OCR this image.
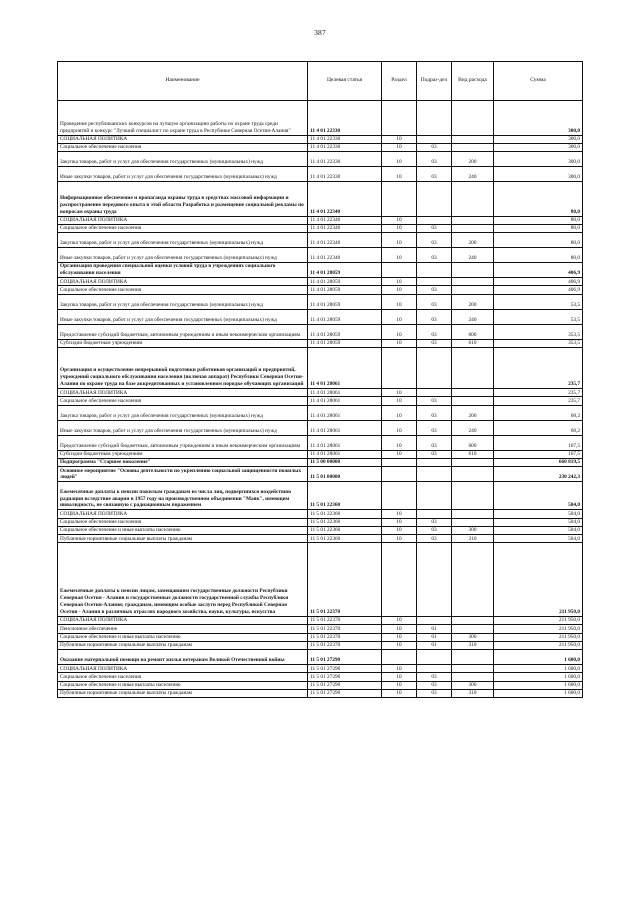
387
Наименование	Целевая статья	Раздел	Подраз-дел	Вид расхода	Сумма
Проведение республиканских конкурсов на лучшую организацию работы по охране труда среди предприятий и конкурс "Лучший специалист по охране труда в Республике Северная Осетия-Алания"	11 4 01 22330				300,0
СОЦИАЛЬНАЯ ПОЛИТИКА	11 4 01 22330	10			300,0
Социальное обеспечение населения	11 4 01 22330	10	03		300,0
Закупка товаров, работ и услуг для обеспечения государственных (муниципальных) нужд	11 4 01 22330	10	03	200	300,0
Иные закупки товаров, работ и услуг для обеспечения государственных (муниципальных) нужд	11 4 01 22330	10	03	240	300,0
Информационное обеспечение и пропаганда охраны труда в средствах массовой информации и распространение передового опыта в этой области Разработка и размещение социальной рекламы по вопросам охраны труда	11 4 01 22340				80,0
СОЦИАЛЬНАЯ ПОЛИТИКА	11 4 01 22340	10			80,0
Социальное обеспечение населения	11 4 01 22340	10	03		80,0
Закупка товаров, работ и услуг для обеспечения государственных (муниципальных) нужд	11 4 01 22340	10	03	200	80,0
Иные закупки товаров, работ и услуг для обеспечения государственных (муниципальных) нужд	11 4 01 22340	10	03	240	80,0
Организация проведения специальной оценки условий труда в учреждениях социального обслуживания населения	11 4 01 28059				406,9
СОЦИАЛЬНАЯ ПОЛИТИКА	11 4 01 28059	10			406,9
Социальное обеспечение населения	11 4 01 28059	10	03		406,9
Закупка товаров, работ и услуг для обеспечения государственных (муниципальных) нужд	11 4 01 28059	10	03	200	53,5
Иные закупки товаров, работ и услуг для обеспечения государственных (муниципальных) нужд	11 4 01 28059	10	03	240	53,5
Предоставление субсидий бюджетным, автономным учреждениям и иным некоммерческим организациям	11 4 01 28059	10	03	600	353,5
Субсидии бюджетным учреждениям	11 4 01 28059	10	03	610	353,5
Организация и осуществление непрерывной подготовки работников организаций и предприятий, учреждений социального обслуживания населения (включая аппарат) Республики Северная Осетия-Алания по охране труда на базе аккредитованных и установленном порядке обучающих организаций	11 4 01 28061				235,7
СОЦИАЛЬНАЯ ПОЛИТИКА	11 4 01 28061	10			235,7
Социальное обеспечение населения	11 4 01 28061	10	03		235,7
Закупка товаров, работ и услуг для обеспечения государственных (муниципальных) нужд	11 4 01 28061	10	03	200	68,2
Иные закупки товаров, работ и услуг для обеспечения государственных (муниципальных) нужд	11 4 01 28061	10	03	240	68,2
Предоставление субсидий бюджетным, автономным учреждениям и иным некоммерческим организациям	11 4 01 28061	10	03	600	167,5
Субсидии бюджетным учреждениям	11 4 01 28061	10	03	610	167,5
Подпрограмма "Старшее поколение"	11 5 00 00000				660 819,5
Основное мероприятие "Основы деятельности по укреплению социальной защищенности пожилых людей"	11 5 01 00000				230 242,3
Ежемесячные доплаты к пенсии пожилым гражданам из числа лиц, подвергшихся воздействию радиации вследствие аварии в 1957 году на производственном объединении "Маяк", имеющим инвалидность, не связанную с радиационным поражением	11 5 01 22360				504,0
СОЦИАЛЬНАЯ ПОЛИТИКА	11 5 01 22360	10			504,0
Социальное обеспечение населения	11 5 01 22360	10	03		504,0
Социальное обеспечение и иные выплаты населению	11 5 01 22360	10	03	300	504,0
Публичные нормативные социальные выплаты гражданам	11 5 01 22360	10	03	310	504,0
Ежемесячные доплаты к пенсии лицам, замещавшим государственные должности Республики Северная Осетия - Алания и государственные должности государственной службы Республики Северная Осетия-Алания; гражданам, имеющим особые заслуги перед Республикой Северная Осетия - Алания в различных отраслях народного хозяйства, науки, культуры, искусства	11 5 01 22370				211 950,0
СОЦИАЛЬНАЯ ПОЛИТИКА	11 5 01 22370	10			211 950,0
Пенсионное обеспечение	11 5 01 22370	10	01		211 950,0
Социальное обеспечение и иные выплаты населению	11 5 01 22370	10	01	300	211 950,0
Публичные нормативные социальные выплаты гражданам	11 5 01 22370	10	01	310	211 950,0
Оказание материальной помощи на ремонт жилья ветеранам Великой Отечественной войны	11 5 01 27290				1 600,0
СОЦИАЛЬНАЯ ПОЛИТИКА	11 5 01 27290	10			1 600,0
Социальное обеспечение населения	11 5 01 27290	10	03		1 600,0
Социальное обеспечение и иные выплаты населению	11 5 01 27290	10	03	300	1 600,0
Публичные нормативные социальные выплаты гражданам	11 5 01 27290	10	03	310	1 600,0
